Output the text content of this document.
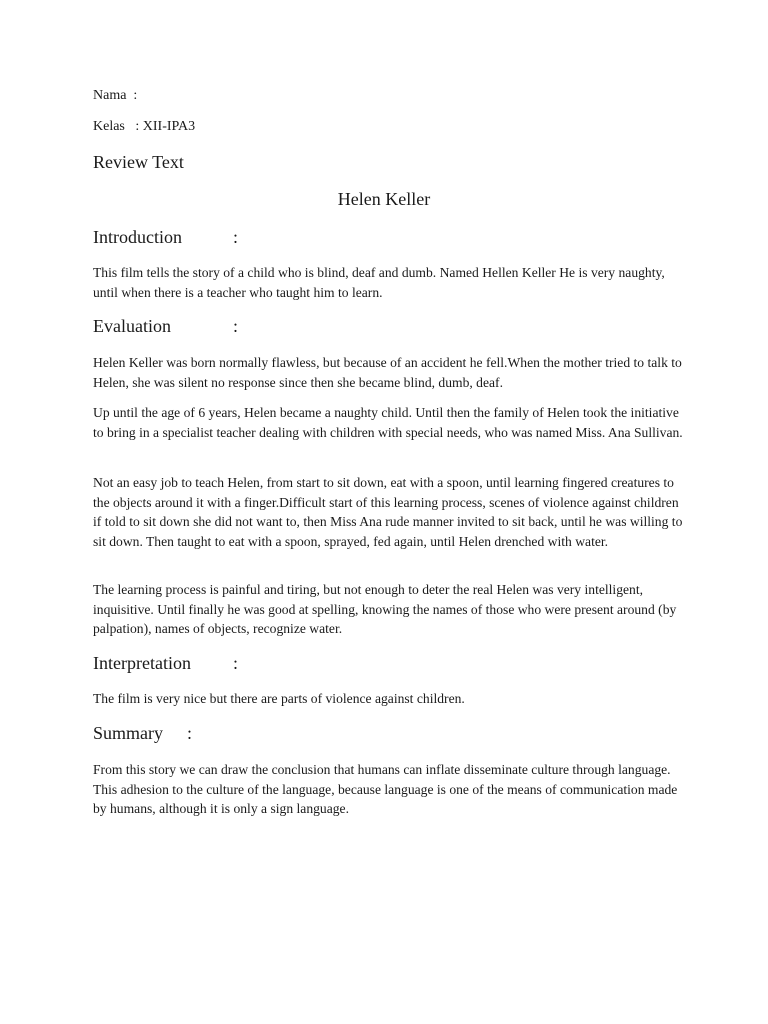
Nama  :
Kelas   : XII-IPA3
Review Text
Helen Keller
Introduction	:

This film tells the story of a child who is blind, deaf and dumb. Named Hellen Keller He is very naughty, until when there is a teacher who taught him to learn.

Evaluation	:

Helen Keller was born normally flawless, but because of an accident he fell.When the mother tried to talk to Helen, she was silent no response since then she became blind, dumb, deaf.

Up until the age of 6 years, Helen became a naughty child. Until then the family of Helen took the initiative to bring in a specialist teacher dealing with children with special needs, who was named Miss. Ana Sullivan.

Not an easy job to teach Helen, from start to sit down, eat with a spoon, until learning fingered creatures to the objects around it with a finger.Difficult start of this learning process, scenes of violence against children if told to sit down she did not want to, then Miss Ana rude manner invited to sit back, until he was willing to sit down. Then taught to eat with a spoon, sprayed, fed again, until Helen drenched with water.

The learning process is painful and tiring, but not enough to deter the real Helen was very intelligent, inquisitive. Until finally he was good at spelling, knowing the names of those who were present around (by palpation), names of objects, recognize water.

Interpretation	:

The film is very nice but there are parts of violence against children.

Summary	:

From this story we can draw the conclusion that humans can inflate disseminate culture through language. This adhesion to the culture of the language, because language is one of the means of communication made by humans, although it is only a sign language.
